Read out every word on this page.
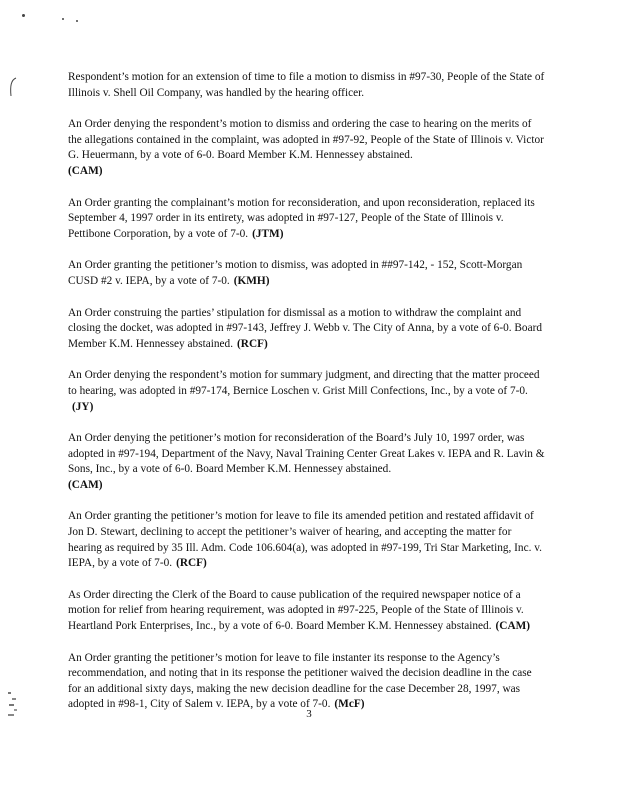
Respondent’s motion for an extension of time to file a motion to dismiss in #97-30, People of the State of Illinois v. Shell Oil Company, was handled by the hearing officer.

An Order denying the respondent’s motion to dismiss and ordering the case to hearing on the merits of the allegations contained in the complaint, was adopted in #97-92, People of the State of Illinois v. Victor G. Heuermann, by a vote of 6-0. Board Member K.M. Hennessey abstained.
(CAM)

An Order granting the complainant’s motion for reconsideration, and upon reconsideration, replaced its September 4, 1997 order in its entirety, was adopted in #97-127, People of the State of Illinois v. Pettibone Corporation, by a vote of 7-0. (JTM)

An Order granting the petitioner’s motion to dismiss, was adopted in ##97-142, - 152, Scott-Morgan CUSD #2 v. IEPA, by a vote of 7-0. (KMH)

An Order construing the parties’ stipulation for dismissal as a motion to withdraw the complaint and closing the docket, was adopted in #97-143, Jeffrey J. Webb v. The City of Anna, by a vote of 6-0. Board Member K.M. Hennessey abstained. (RCF)

An Order denying the respondent’s motion for summary judgment, and directing that the matter proceed to hearing, was adopted in #97-174, Bernice Loschen v. Grist Mill Confections, Inc., by a vote of 7-0.(JY)

An Order denying the petitioner’s motion for reconsideration of the Board’s July 10, 1997 order, was adopted in #97-194, Department of the Navy, Naval Training Center Great Lakes v. IEPA and R. Lavin & Sons, Inc., by a vote of 6-0. Board Member K.M. Hennessey abstained.
(CAM)

An Order granting the petitioner’s motion for leave to file its amended petition and restated affidavit of Jon D. Stewart, declining to accept the petitioner’s waiver of hearing, and accepting the matter for hearing as required by 35 Ill. Adm. Code 106.604(a), was adopted in #97-199, Tri Star Marketing, Inc. v. IEPA, by a vote of 7-0. (RCF)

As Order directing the Clerk of the Board to cause publication of the required newspaper notice of a motion for relief from hearing requirement, was adopted in #97-225, People of the State of Illinois v. Heartland Pork Enterprises, Inc., by a vote of 6-0. Board Member K.M. Hennessey abstained. (CAM)

An Order granting the petitioner’s motion for leave to file instanter its response to the Agency’s recommendation, and noting that in its response the petitioner waived the decision deadline in the case for an additional sixty days, making the new decision deadline for the case December 28, 1997, was adopted in #98-1, City of Salem v. IEPA, by a vote of 7-0. (McF)

3
